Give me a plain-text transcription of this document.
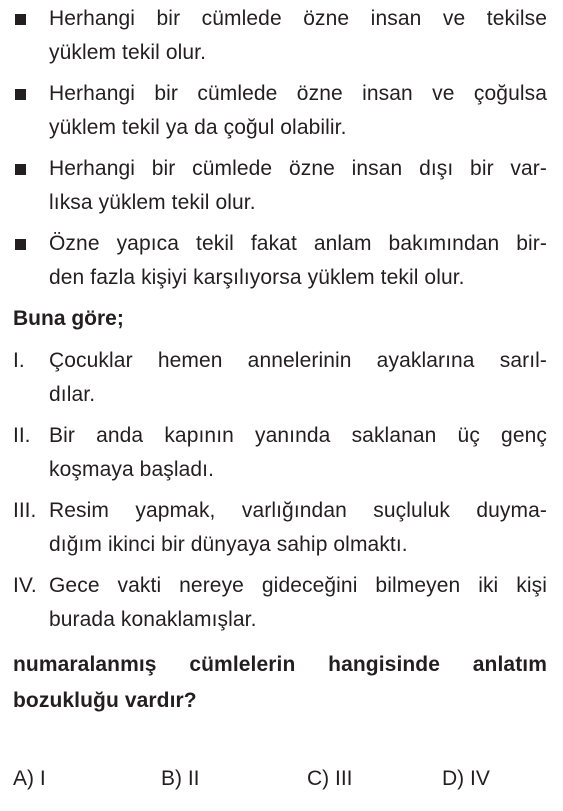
Herhangi bir cümlede özne insan ve tekilse
yüklem tekil olur.
Herhangi bir cümlede özne insan ve çoğulsa
yüklem tekil ya da çoğul olabilir.
Herhangi bir cümlede özne insan dışı bir var-
lıksa yüklem tekil olur.
Özne yapıca tekil fakat anlam bakımından bir-
den fazla kişiyi karşılıyorsa yüklem tekil olur.
Buna göre;
I.	Çocuklar hemen annelerinin ayaklarına sarıl-
dılar.
II. Bir anda kapının yanında saklanan üç genç
koşmaya başladı.
III. Resim yapmak, varlığından suçluluk duyma-
dığım ikinci bir dünyaya sahip olmaktı.
IV. Gece vakti nereye gideceğini bilmeyen iki kişi
burada konaklamışlar.
numaralanmış cümlelerin hangisinde anlatım
bozukluğu vardır?
A) I	B) II	C) III	D) IV
